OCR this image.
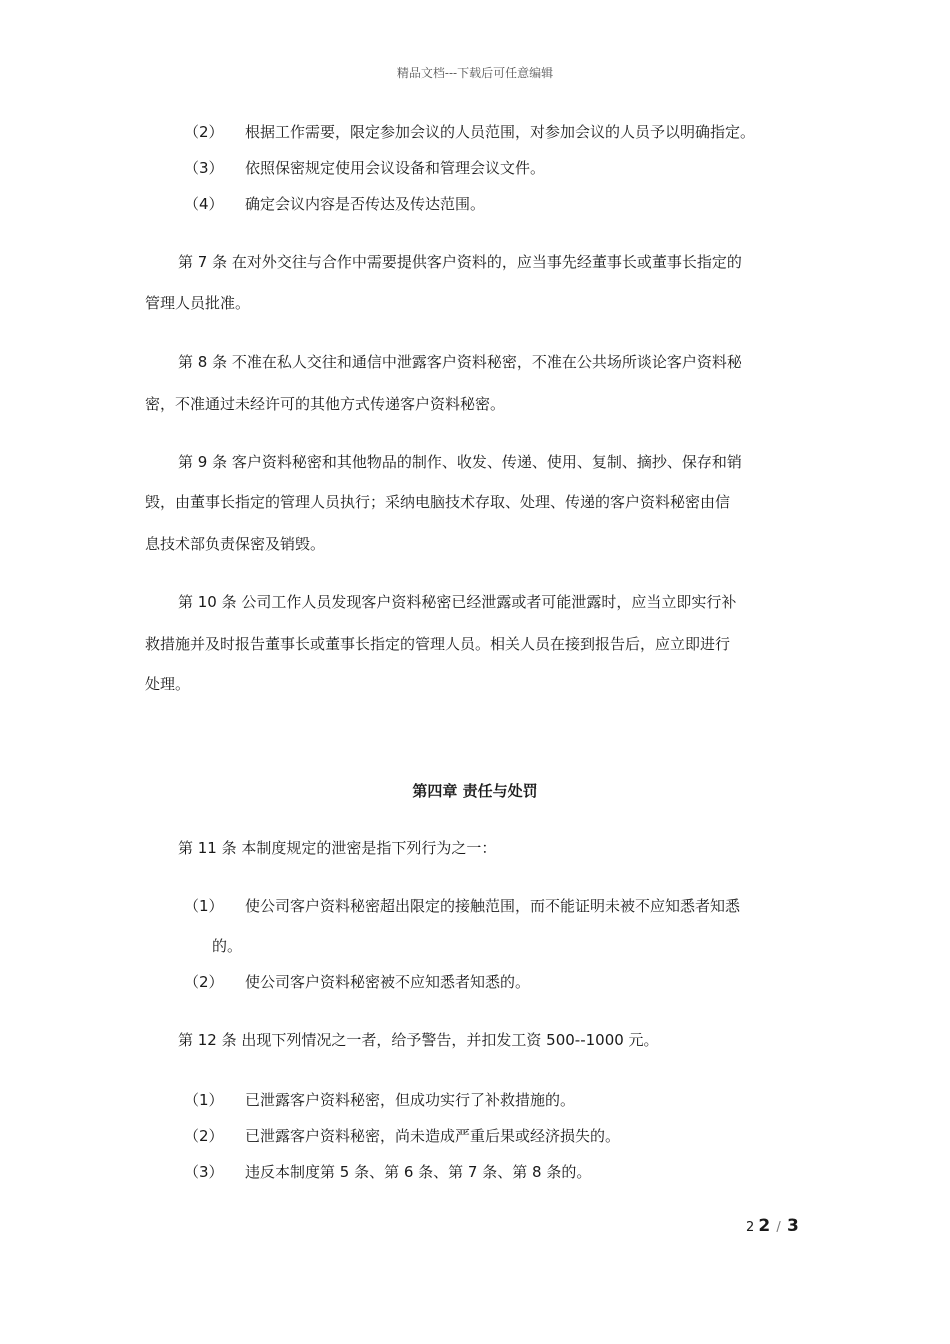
精品文档---下载后可任意编辑
（2） 根据工作需要，限定参加会议的人员范围，对参加会议的人员予以明确指定。
（3） 依照保密规定使用会议设备和管理会议文件。
（4） 确定会议内容是否传达及传达范围。
第 7 条 在对外交往与合作中需要提供客户资料的，应当事先经董事长或董事长指定的
管理人员批准。
第 8 条 不准在私人交往和通信中泄露客户资料秘密，不准在公共场所谈论客户资料秘
密，不准通过未经许可的其他方式传递客户资料秘密。
第 9 条 客户资料秘密和其他物品的制作、收发、传递、使用、复制、摘抄、保存和销
毁，由董事长指定的管理人员执行；采纳电脑技术存取、处理、传递的客户资料秘密由信
息技术部负责保密及销毁。
第 10 条 公司工作人员发现客户资料秘密已经泄露或者可能泄露时，应当立即实行补
救措施并及时报告董事长或董事长指定的管理人员。相关人员在接到报告后，应立即进行
处理。
第四章 责任与处罚
第 11 条 本制度规定的泄密是指下列行为之一：
（1） 使公司客户资料秘密超出限定的接触范围，而不能证明未被不应知悉者知悉
的。
（2） 使公司客户资料秘密被不应知悉者知悉的。
第 12 条 出现下列情况之一者，给予警告，并扣发工资 500--1000 元。
（1） 已泄露客户资料秘密，但成功实行了补救措施的。
（2） 已泄露客户资料秘密，尚未造成严重后果或经济损失的。
（3） 违反本制度第 5 条、第 6 条、第 7 条、第 8 条的。
2 2 / 3
